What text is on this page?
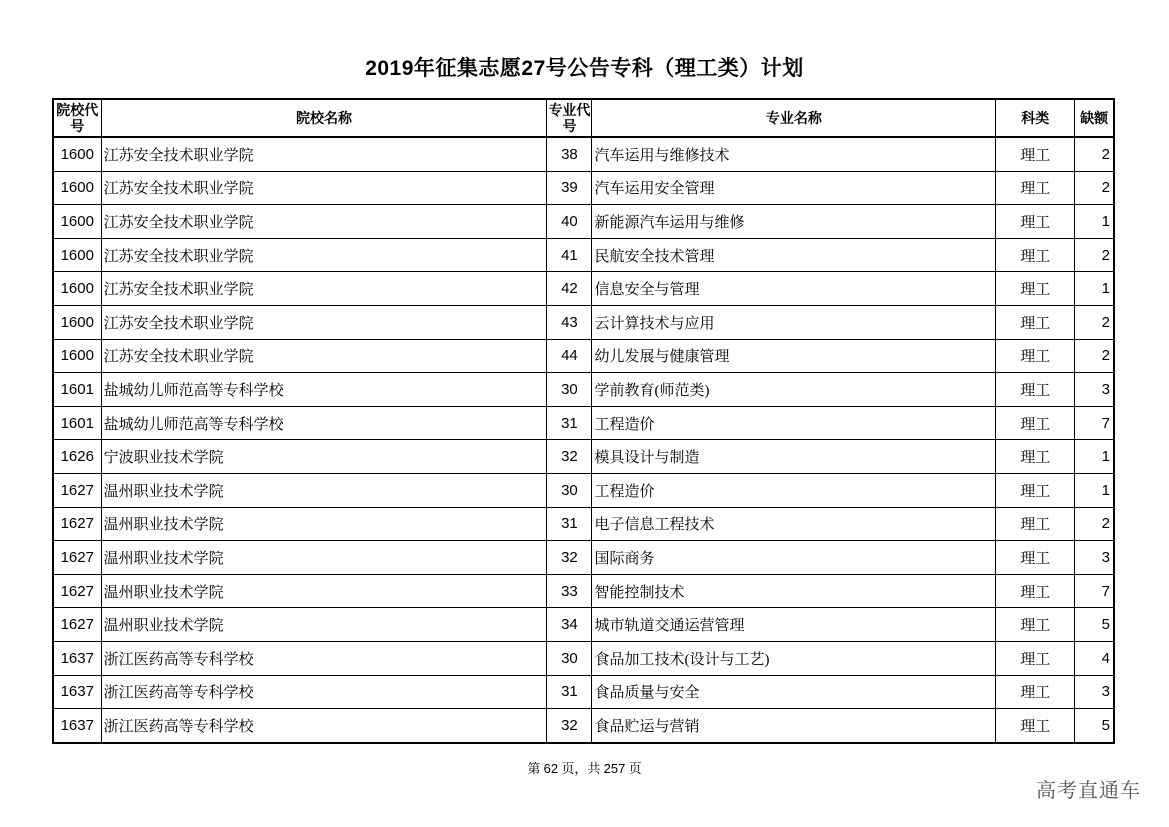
2019年征集志愿27号公告专科（理工类）计划
院校代号	院校名称	专业代号	专业名称	科类	缺额
1600	江苏安全技术职业学院	38	汽车运用与维修技术	理工	2
1600	江苏安全技术职业学院	39	汽车运用安全管理	理工	2
1600	江苏安全技术职业学院	40	新能源汽车运用与维修	理工	1
1600	江苏安全技术职业学院	41	民航安全技术管理	理工	2
1600	江苏安全技术职业学院	42	信息安全与管理	理工	1
1600	江苏安全技术职业学院	43	云计算技术与应用	理工	2
1600	江苏安全技术职业学院	44	幼儿发展与健康管理	理工	2
1601	盐城幼儿师范高等专科学校	30	学前教育(师范类)	理工	3
1601	盐城幼儿师范高等专科学校	31	工程造价	理工	7
1626	宁波职业技术学院	32	模具设计与制造	理工	1
1627	温州职业技术学院	30	工程造价	理工	1
1627	温州职业技术学院	31	电子信息工程技术	理工	2
1627	温州职业技术学院	32	国际商务	理工	3
1627	温州职业技术学院	33	智能控制技术	理工	7
1627	温州职业技术学院	34	城市轨道交通运营管理	理工	5
1637	浙江医药高等专科学校	30	食品加工技术(设计与工艺)	理工	4
1637	浙江医药高等专科学校	31	食品质量与安全	理工	3
1637	浙江医药高等专科学校	32	食品贮运与营销	理工	5
第 62 页，共 257 页
高考直通车
